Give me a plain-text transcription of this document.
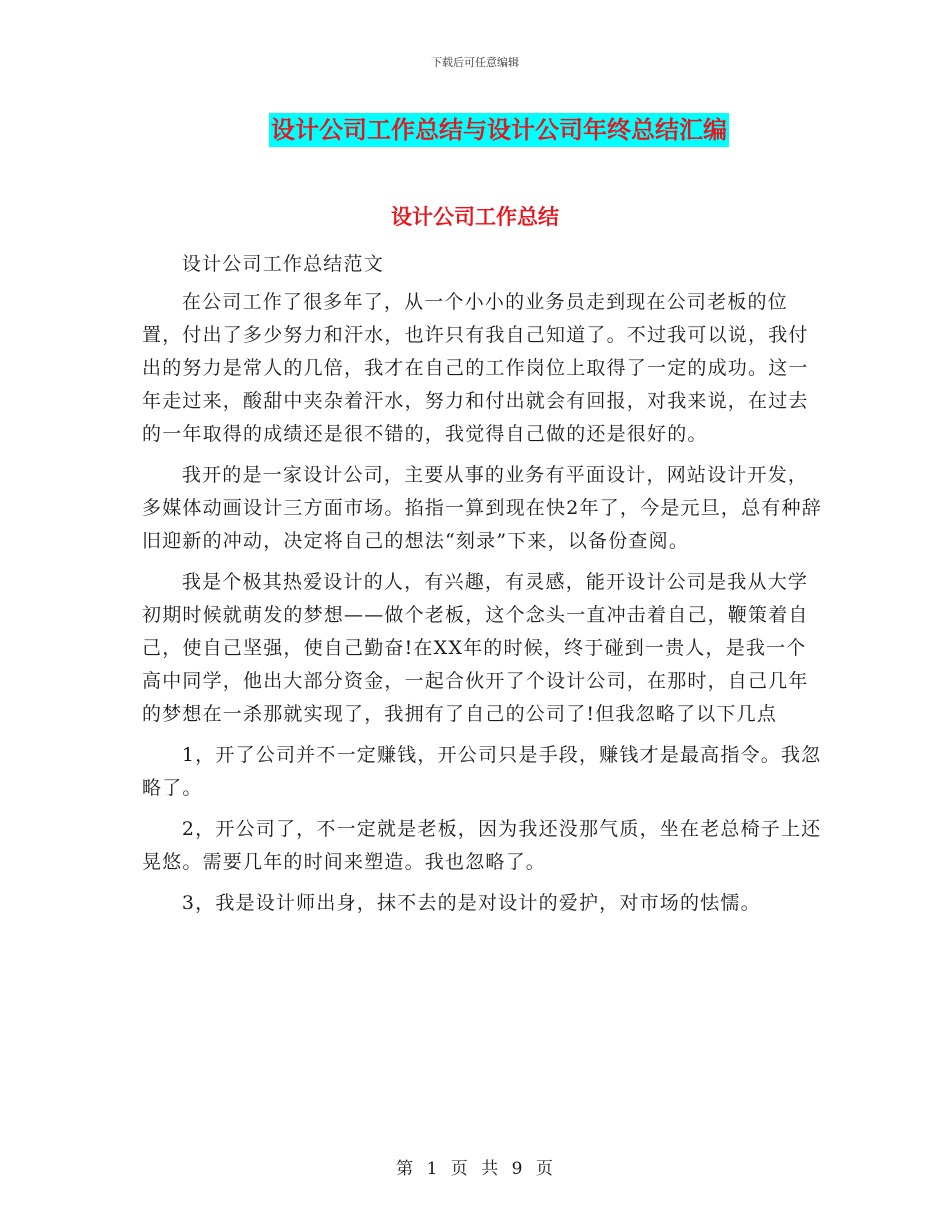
下载后可任意编辑
设计公司工作总结与设计公司年终总结汇编
设计公司工作总结

设计公司工作总结范文

在公司工作了很多年了，从一个小小的业务员走到现在公司老板的位置，付出了多少努力和汗水，也许只有我自己知道了。不过我可以说，我付出的努力是常人的几倍，我才在自己的工作岗位上取得了一定的成功。这一年走过来，酸甜中夹杂着汗水，努力和付出就会有回报，对我来说，在过去的一年取得的成绩还是很不错的，我觉得自己做的还是很好的。

我开的是一家设计公司，主要从事的业务有平面设计，网站设计开发，多媒体动画设计三方面市场。掐指一算到现在快2年了，今是元旦，总有种辞旧迎新的冲动，决定将自己的想法“刻录”下来，以备份查阅。

我是个极其热爱设计的人，有兴趣，有灵感，能开设计公司是我从大学初期时候就萌发的梦想——做个老板，这个念头一直冲击着自己，鞭策着自己，使自己坚强，使自己勤奋!在XX年的时候，终于碰到一贵人，是我一个高中同学，他出大部分资金，一起合伙开了个设计公司，在那时，自己几年的梦想在一杀那就实现了，我拥有了自己的公司了!但我忽略了以下几点

1，开了公司并不一定赚钱，开公司只是手段，赚钱才是最高指令。我忽略了。

2，开公司了，不一定就是老板，因为我还没那气质，坐在老总椅子上还晃悠。需要几年的时间来塑造。我也忽略了。

3，我是设计师出身，抹不去的是对设计的爱护，对市场的怯懦。

第 1 页 共 9 页
